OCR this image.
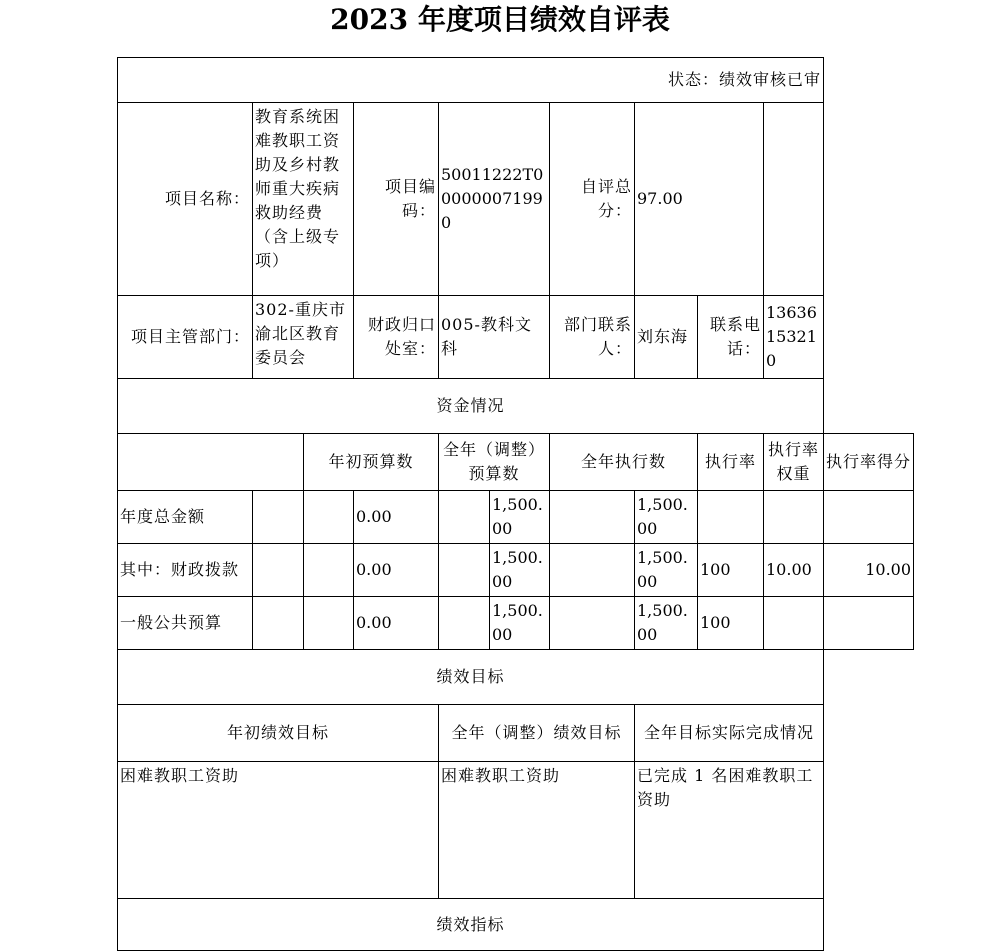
2023 年度项目绩效自评表
状态：绩效审核已审										
项目名称：	教育系统困难教职工资助及乡村教师重大疾病救助经费（含上级专项）		项目编码：	50011222T000000071990		自评总分：	97.00			
项目主管部门：	302-重庆市渝北区教育委员会		财政归口处室：	005-教科文科		部门联系人：	刘东海	联系电话：	13636153210	
资金情况										
		年初预算数		全年（调整）预算数		全年执行数		执行率	执行率权重	执行率得分
年度总金额			0.00		1,500.00		1,500.00			
其中：财政拨款			0.00		1,500.00		1,500.00	100	10.00	10.00
一般公共预算			0.00		1,500.00		1,500.00	100		
绩效目标										
年初绩效目标				全年（调整）绩效目标			全年目标实际完成情况			
困难教职工资助				困难教职工资助			已完成 1 名困难教职工资助			
绩效指标										
